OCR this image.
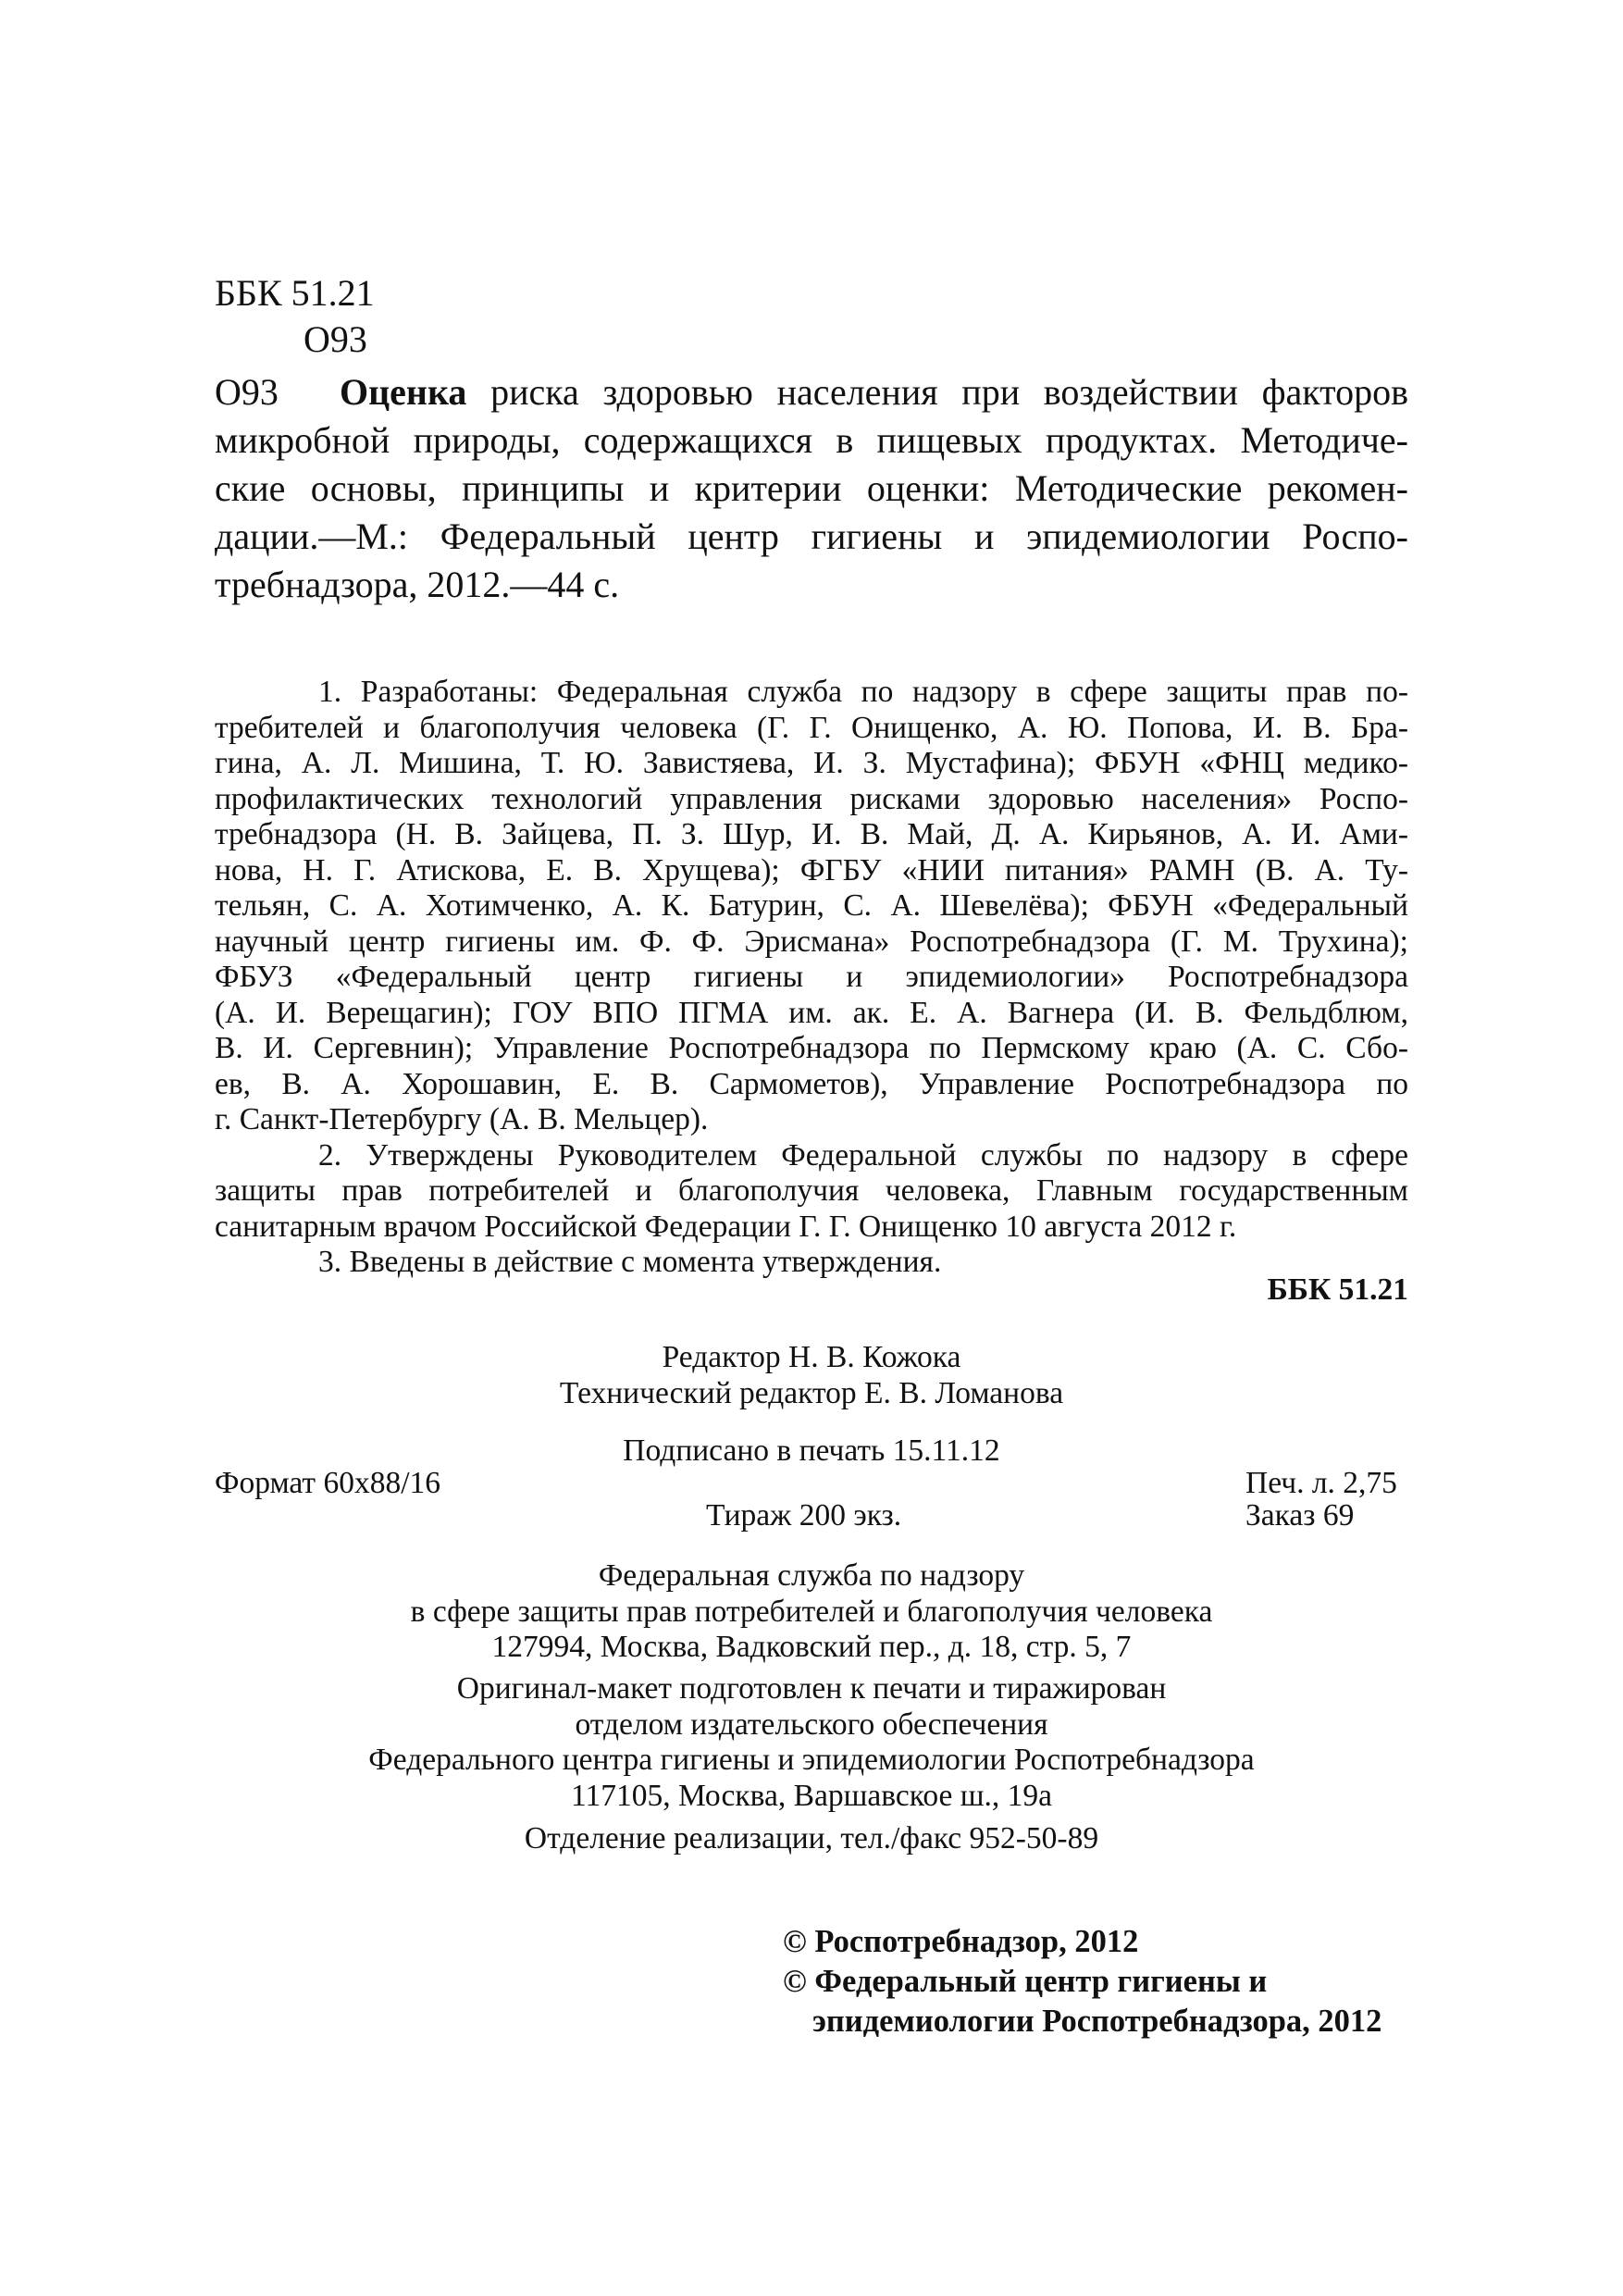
ББК 51.21
О93
О93	Оценка риска здоровью населения при воздействии факторов
микробной природы, содержащихся в пищевых продуктах. Методиче-
ские основы, принципы и критерии оценки: Методические рекомен-
дации.—М.: Федеральный центр гигиены и эпидемиологии Роспо-
требнадзора, 2012.—44 с.
1. Разработаны: Федеральная служба по надзору в сфере защиты прав по-
требителей и благополучия человека (Г. Г. Онищенко, А. Ю. Попова, И. В. Бра-
гина, А. Л. Мишина, Т. Ю. Завистяева, И. З. Мустафина); ФБУН «ФНЦ медико-
профилактических технологий управления рисками здоровью населения» Роспо-
требнадзора (Н. В. Зайцева, П. З. Шур, И. В. Май, Д. А. Кирьянов, А. И. Ами-
нова, Н. Г. Атискова, Е. В. Хрущева); ФГБУ «НИИ питания» РАМН (В. А. Ту-
тельян, С. А. Хотимченко, А. К. Батурин, С. А. Шевелёва); ФБУН «Федеральный
научный центр гигиены им. Ф. Ф. Эрисмана» Роспотребнадзора (Г. М. Трухина);
ФБУЗ «Федеральный центр гигиены и эпидемиологии» Роспотребнадзора
(А. И. Верещагин); ГОУ ВПО ПГМА им. ак. Е. А. Вагнера (И. В. Фельдблюм,
В. И. Сергевнин); Управление Роспотребнадзора по Пермскому краю (А. С. Сбо-
ев, В. А. Хорошавин, Е. В. Сармометов), Управление Роспотребнадзора по
г. Санкт-Петербургу (А. В. Мельцер).
2. Утверждены Руководителем Федеральной службы по надзору в сфере
защиты прав потребителей и благополучия человека, Главным государственным
санитарным врачом Российской Федерации Г. Г. Онищенко 10 августа 2012 г.
3. Введены в действие с момента утверждения.
ББК 51.21
Редактор Н. В. Кожока
Технический редактор Е. В. Ломанова
Подписано в печать 15.11.12
Формат 60x88/16	Печ. л. 2,75
Тираж 200 экз.	Заказ 69
Федеральная служба по надзору
в сфере защиты прав потребителей и благополучия человека
127994, Москва, Вадковский пер., д. 18, стр. 5, 7
Оригинал-макет подготовлен к печати и тиражирован
отделом издательского обеспечения
Федерального центра гигиены и эпидемиологии Роспотребнадзора
117105, Москва, Варшавское ш., 19а
Отделение реализации, тел./факс 952-50-89
© Роспотребнадзор, 2012
© Федеральный центр гигиены и
эпидемиологии Роспотребнадзора, 2012
